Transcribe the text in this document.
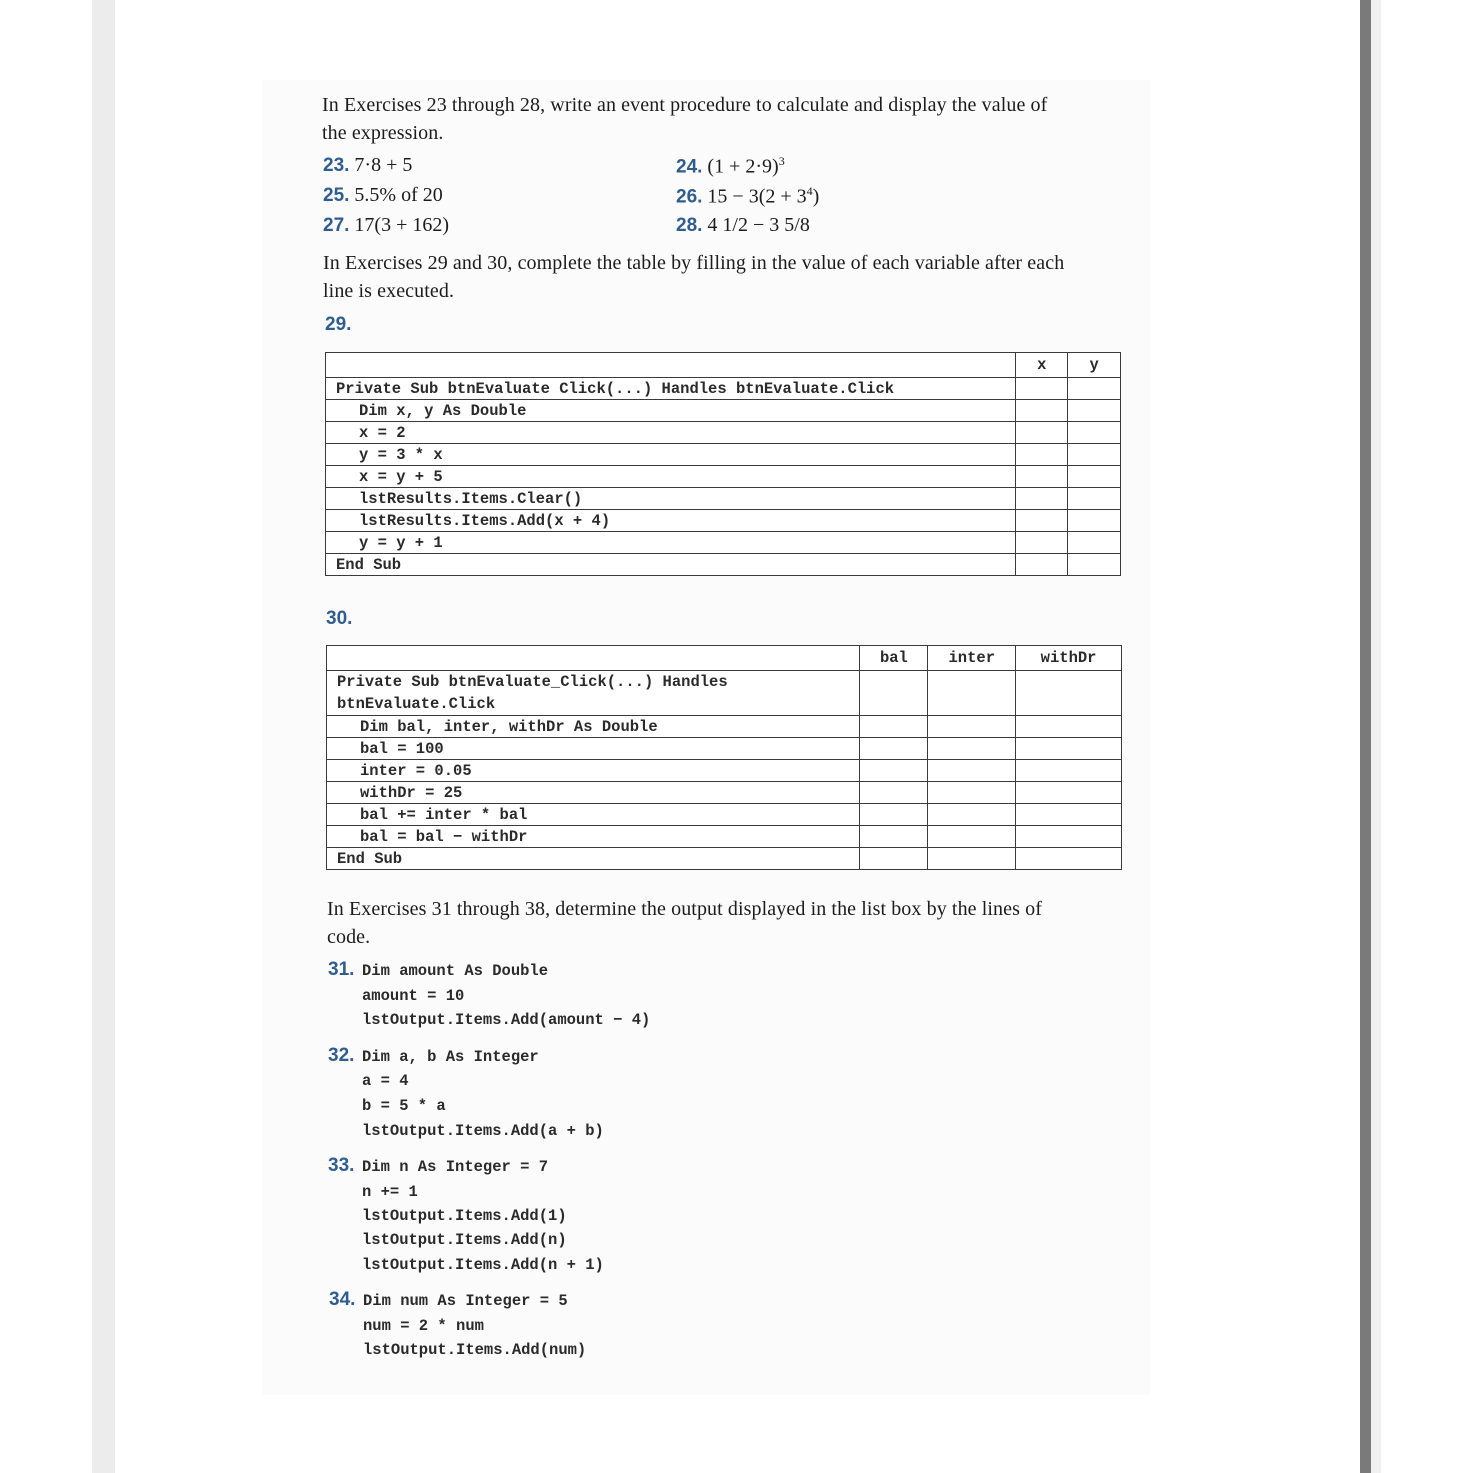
In Exercises 23 through 28, write an event procedure to calculate and display the value of
the expression.
23. 7·8 + 5	24. $(1 + 2\cdot 9)^3$
25. 5.5% of 20	26. $15 - 3(2 + 3^4)$
27. 17(3 + 162)	28. 4 1/2 − 3 5/8
In Exercises 29 and 30, complete the table by filling in the value of each variable after each
line is executed.
29.
	x	y
Private Sub btnEvaluate Click(...) Handles btnEvaluate.Click		
Dim x, y As Double		
x = 2		
y = 3 * x		
x = y + 5		
lstResults.Items.Clear()		
lstResults.Items.Add(x + 4)		
y = y + 1		
End Sub		
30.
	bal	inter	withDr

Private Sub btnEvaluate_Click(...) Handles
btnEvaluate.Click			

Dim bal, inter, withDr As Double			
bal = 100			
inter = 0.05			
withDr = 25			
bal += inter * bal			
bal = bal − withDr			
End Sub			
In Exercises 31 through 38, determine the output displayed in the list box by the lines of
code.
31. Dim amount As Double
amount = 10
lstOutput.Items.Add(amount − 4)
32. Dim a, b As Integer
a = 4
b = 5 * a
lstOutput.Items.Add(a + b)
33. Dim n As Integer = 7
n += 1
lstOutput.Items.Add(1)
lstOutput.Items.Add(n)
lstOutput.Items.Add(n + 1)
34. Dim num As Integer = 5
num = 2 * num
lstOutput.Items.Add(num)
